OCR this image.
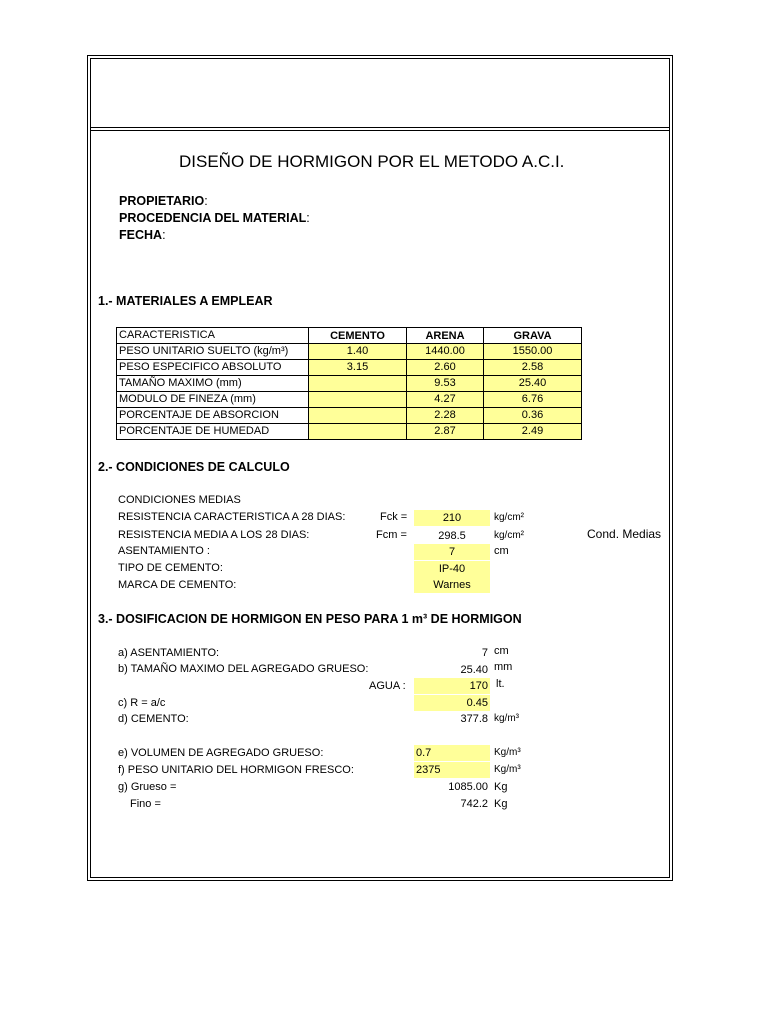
DISEÑO DE HORMIGON POR EL METODO A.C.I.
PROPIETARIO:
PROCEDENCIA DEL MATERIAL:
FECHA:
1.- MATERIALES A EMPLEAR
CARACTERISTICA	CEMENTO	ARENA	GRAVA
PESO UNITARIO SUELTO (kg/m³)	1.40	1440.00	1550.00
PESO ESPECIFICO ABSOLUTO	3.15	2.60	2.58
TAMAÑO MAXIMO (mm)		9.53	25.40
MODULO DE FINEZA (mm)		4.27	6.76
PORCENTAJE DE ABSORCION		2.28	0.36
PORCENTAJE DE HUMEDAD		2.87	2.49
2.- CONDICIONES DE CALCULO
CONDICIONES MEDIAS
RESISTENCIA CARACTERISTICA A 28 DIAS:	Fck =	210	kg/cm²
RESISTENCIA MEDIA A LOS 28 DIAS:	Fcm =	298.5	kg/cm²	Cond. Medias
ASENTAMIENTO :	7	cm
TIPO DE CEMENTO:	IP-40
MARCA DE CEMENTO:	Warnes
3.- DOSIFICACION DE HORMIGON EN PESO PARA 1 m³ DE HORMIGON
a) ASENTAMIENTO:	7 cm
b) TAMAÑO MAXIMO DEL AGREGADO GRUESO:	25.40 mm
AGUA :	170 lt.
c) R = a/c	0.45
d) CEMENTO:	377.8 kg/m³
e) VOLUMEN DE AGREGADO GRUESO:	0.7	Kg/m³
f) PESO UNITARIO DEL HORMIGON FRESCO:	2375	Kg/m³
g) Grueso =	1085.00 Kg
Fino =	742.2 Kg
